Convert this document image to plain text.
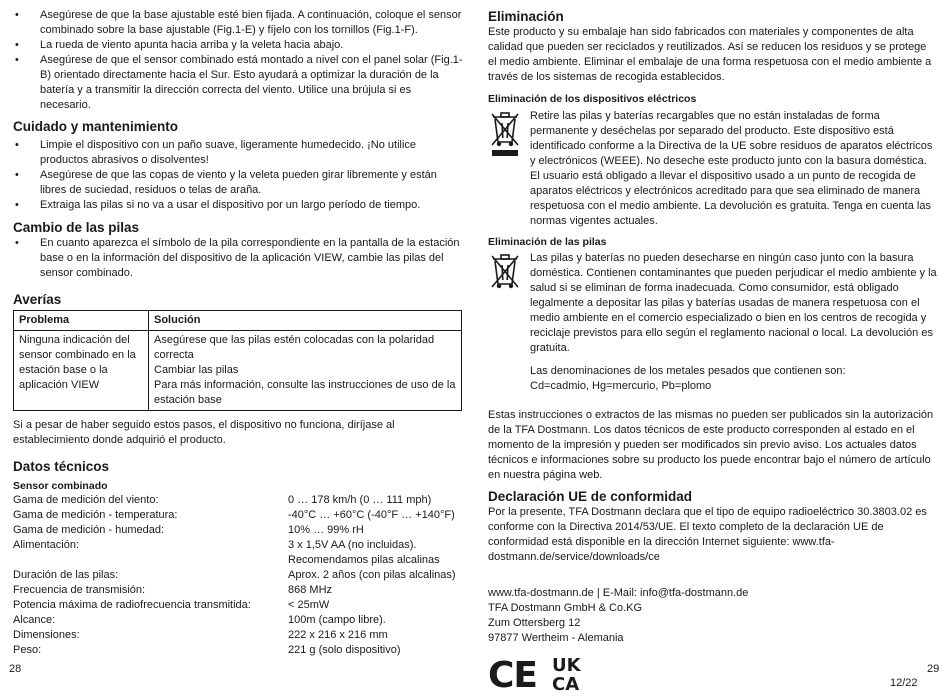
• Asegúrese de que la base ajustable esté bien fijada. A continuación, coloque el sensor combinado sobre la base ajustable (Fig.1-E) y fíjelo con los tornillos (Fig.1-F).
• La rueda de viento apunta hacia arriba y la veleta hacia abajo.
• Asegúrese de que el sensor combinado está montado a nivel con el panel solar (Fig.1-B) orientado directamente hacia el Sur. Esto ayudará a optimizar la duración de la batería y a transmitir la dirección correcta del viento. Utilice una brújula si es necesario.
Cuidado y mantenimiento
• Limpie el dispositivo con un paño suave, ligeramente humedecido. ¡No utilice productos abrasivos o disolventes!
• Asegúrese de que las copas de viento y la veleta pueden girar libremente y están libres de suciedad, residuos o telas de araña.
• Extraiga las pilas si no va a usar el dispositivo por un largo período de tiempo.
Cambio de las pilas
• En cuanto aparezca el símbolo de la pila correspondiente en la pantalla de la estación base o en la información del dispositivo de la aplicación VIEW, cambie las pilas del sensor combinado.
Averías
Problema	Solución
Ninguna indicación del sensor combinado en la estación base o la aplicación VIEW	Asegúrese que las pilas estén colocadas con la polaridad correcta
Cambiar las pilas
Para más información, consulte las instrucciones de uso de la estación base

Si a pesar de haber seguido estos pasos, el dispositivo no funciona, diríjase al establecimiento donde adquirió el producto.

Datos técnicos
Sensor combinado
Gama de medición del viento:	0 … 178 km/h (0 … 111 mph)
Gama de medición - temperatura:	-40°C … +60°C (-40°F … +140°F)
Gama de medición - humedad:	10% … 99% rH
Alimentación:	3 x 1,5V AA (no incluidas). Recomendamos pilas alcalinas
Duración de las pilas:	Aprox. 2 años (con pilas alcalinas)
Frecuencia de transmisión:	868 MHz
Potencia máxima de radiofrecuencia transmitida:	< 25mW
Alcance:	100m (campo libre).
Dimensiones:	222 x 216 x 216 mm
Peso:	221 g (solo dispositivo)
28
Eliminación

Este producto y su embalaje han sido fabricados con materiales y componentes de alta calidad que pueden ser reciclados y reutilizados. Así se reducen los residuos y se protege el medio ambiente. Eliminar el embalaje de una forma respetuosa con el medio ambiente a través de los sistemas de recogida establecidos.

Eliminación de los dispositivos eléctricos

Retire las pilas y baterías recargables que no están instaladas de forma permanente y deséchelas por separado del producto. Este dispositivo está identificado conforme a la Directiva de la UE sobre residuos de aparatos eléctricos y electrónicos (WEEE). No deseche este producto junto con la basura doméstica. El usuario está obligado a llevar el dispositivo usado a un punto de recogida de aparatos eléctricos y electrónicos acreditado para que sea eliminado de manera respetuosa con el medio ambiente. La devolución es gratuita. Tenga en cuenta las normas vigentes actuales.

Eliminación de las pilas

Las pilas y baterías no pueden desecharse en ningún caso junto con la basura doméstica. Contienen contaminantes que pueden perjudicar el medio ambiente y la salud si se eliminan de forma inadecuada. Como consumidor, está obligado legalmente a depositar las pilas y baterías usadas de manera respetuosa con el medio ambiente en el comercio especializado o bien en los centros de recogida y reciclaje previstos para ello según el reglamento nacional o local. La devolución es gratuita.

Las denominaciones de los metales pesados que contienen son:

Cd=cadmio, Hg=mercurio, Pb=plomo

Estas instrucciones o extractos de las mismas no pueden ser publicados sin la autorización de la TFA Dostmann. Los datos técnicos de este producto corresponden al estado en el momento de la impresión y pueden ser modificados sin previo aviso. Los actuales datos técnicos e informaciones sobre su producto los puede encontrar bajo el número de artículo en nuestra página web.

Declaración UE de conformidad

Por la presente, TFA Dostmann declara que el tipo de equipo radioeléctrico 30.3803.02 es conforme con la Directiva 2014/53/UE. El texto completo de la declaración UE de conformidad está disponible en la dirección Internet siguiente: www.tfa-dostmann.de/service/downloads/ce

www.tfa-dostmann.de | E-Mail: info@tfa-dostmann.de
TFA Dostmann GmbH & Co.KG
Zum Ottersberg 12
97877 Wertheim - Alemania
CE UK
CA	12/22
29
